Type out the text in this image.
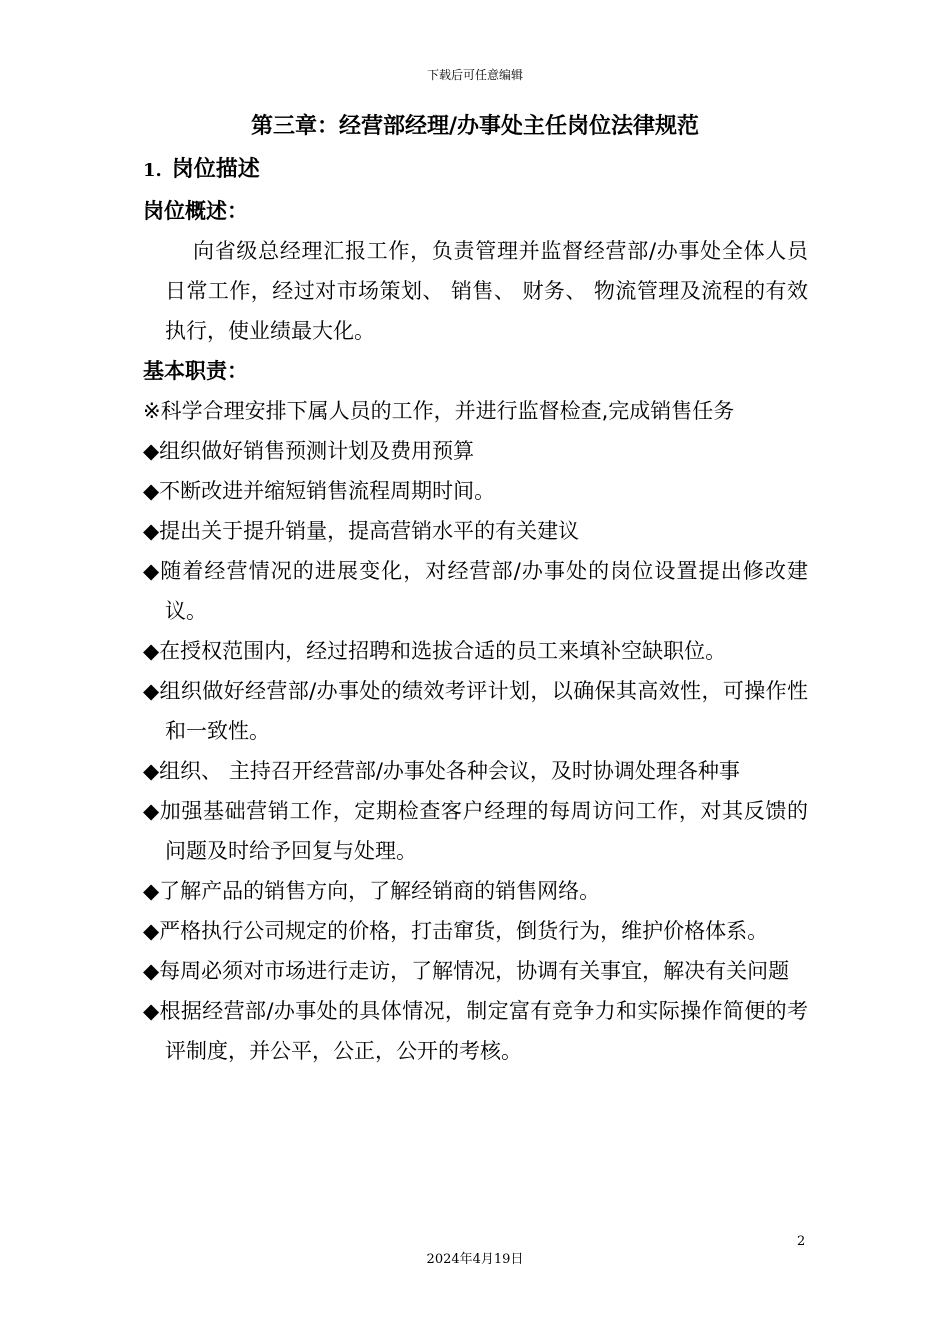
下载后可任意编辑
第三章：经营部经理/办事处主任岗位法律规范
1. 岗位描述
岗位概述：

向省级总经理汇报工作，负责管理并监督经营部/办事处全体人员日常工作，经过对市场策划、 销售、 财务、 物流管理及流程的有效执行，使业绩最大化。

基本职责：
※科学合理安排下属人员的工作，并进行监督检查,完成销售任务
◆组织做好销售预测计划及费用预算
◆不断改进并缩短销售流程周期时间。
◆提出关于提升销量，提高营销水平的有关建议
◆随着经营情况的进展变化，对经营部/办事处的岗位设置提出修改建议。
◆在授权范围内，经过招聘和选拔合适的员工来填补空缺职位。
◆组织做好经营部/办事处的绩效考评计划，以确保其高效性，可操作性和一致性。
◆组织、 主持召开经营部/办事处各种会议，及时协调处理各种事
◆加强基础营销工作，定期检查客户经理的每周访问工作，对其反馈的问题及时给予回复与处理。
◆了解产品的销售方向，了解经销商的销售网络。
◆严格执行公司规定的价格，打击窜货，倒货行为，维护价格体系。
◆每周必须对市场进行走访，了解情况，协调有关事宜，解决有关问题
◆根据经营部/办事处的具体情况，制定富有竞争力和实际操作简便的考评制度，并公平，公正，公开的考核。
2
2024年4月19日
